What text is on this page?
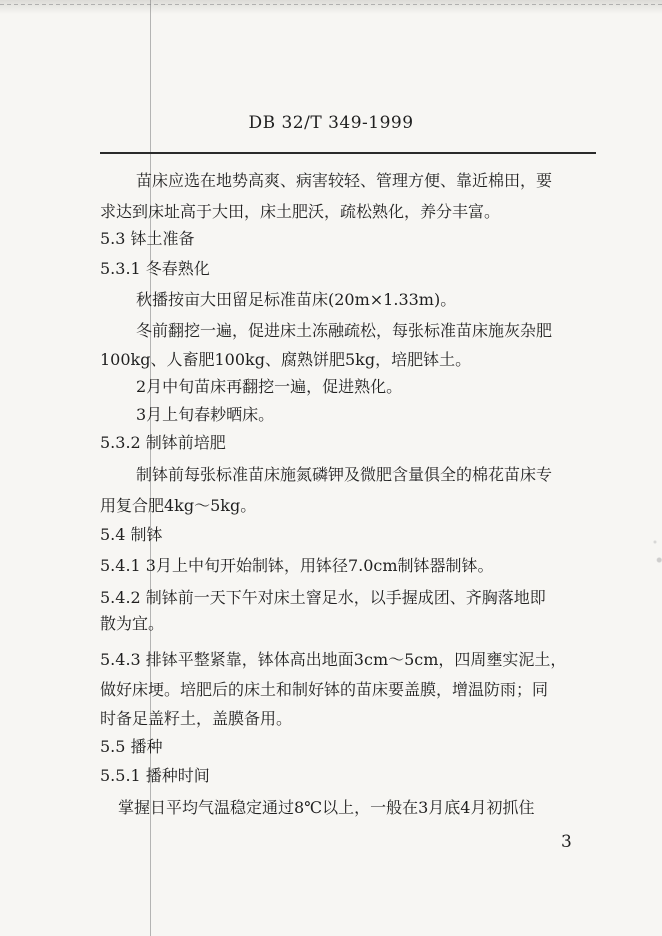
DB 32/T 349-1999
苗床应选在地势高爽、病害较轻、管理方便、靠近棉田，要
求达到床址高于大田，床土肥沃，疏松熟化，养分丰富。
5.3 钵土准备
5.3.1 冬春熟化
秋播按亩大田留足标准苗床(20m×1.33m)。
冬前翻挖一遍，促进床土冻融疏松，每张标准苗床施灰杂肥
100kg、人畜肥100kg、腐熟饼肥5kg，培肥钵土。
2月中旬苗床再翻挖一遍，促进熟化。
3月上旬春耖晒床。
5.3.2 制钵前培肥
制钵前每张标准苗床施氮磷钾及微肥含量俱全的棉花苗床专
用复合肥4kg～5kg。
5.4 制钵
5.4.1 3月上中旬开始制钵，用钵径7.0cm制钵器制钵。
5.4.2 制钵前一天下午对床土窨足水，以手握成团、齐胸落地即
散为宜。
5.4.3 排钵平整紧靠，钵体高出地面3cm～5cm，四周壅实泥土，
做好床埂。培肥后的床土和制好钵的苗床要盖膜，增温防雨；同
时备足盖籽土，盖膜备用。
5.5 播种
5.5.1 播种时间
掌握日平均气温稳定通过8℃以上，一般在3月底4月初抓住
3
